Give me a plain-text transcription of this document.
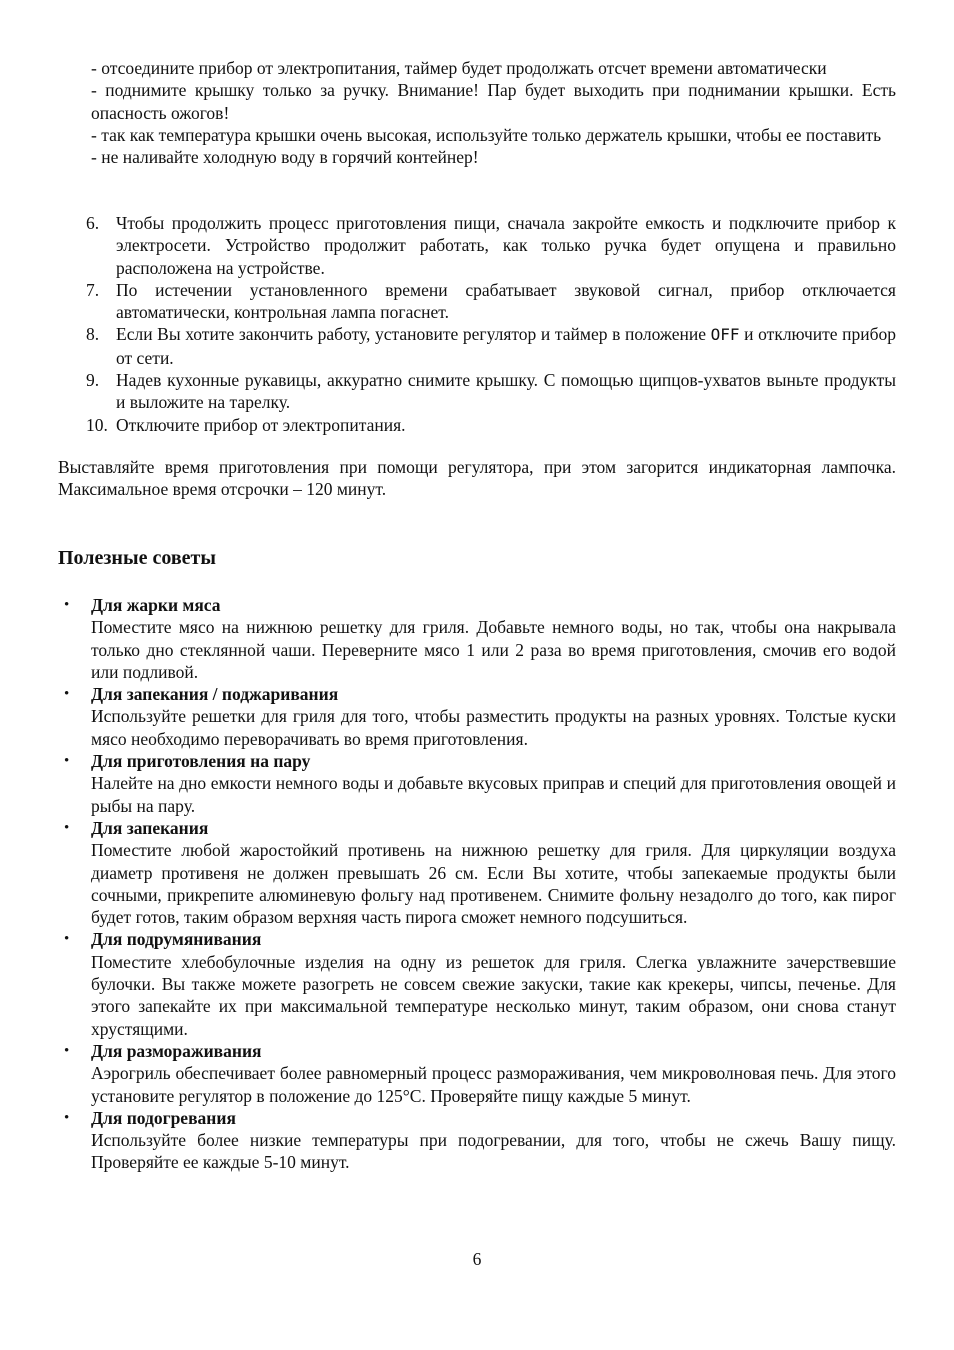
- отсоедините прибор от электропитания, таймер будет продолжать отсчет времени автоматически

- поднимите крышку только за ручку. Внимание! Пар будет выходить при поднимании крышки. Есть опасность ожогов!

- так как температура крышки очень высокая, используйте только держатель крышки, чтобы ее поставить

- не наливайте холодную воду в горячий контейнер!

6. Чтобы продолжить процесс приготовления пищи, сначала закройте емкость и подключите прибор к электросети. Устройство продолжит работать, как только ручка будет опущена и правильно расположена на устройстве.
7. По истечении установленного времени срабатывает звуковой сигнал, прибор отключается автоматически, контрольная лампа погаснет.
8. Если Вы хотите закончить работу, установите регулятор и таймер в положение OFF и отключите прибор от сети.
9. Надев кухонные рукавицы, аккуратно снимите крышку. С помощью щипцов-ухватов выньте продукты и выложите на тарелку.
10. Отключите прибор от электропитания.

Выставляйте время приготовления при помощи регулятора, при этом загорится индикаторная лампочка. Максимальное время отсрочки – 120 минут.

Полезные советы
• Для жарки мяса
Поместите мясо на нижнюю решетку для гриля. Добавьте немного воды, но так, чтобы она накрывала только дно стеклянной чаши. Переверните мясо 1 или 2 раза во время приготовления, смочив его водой или подливой.
• Для запекания / поджаривания
Используйте решетки для гриля для того, чтобы разместить продукты на разных уровнях. Толстые куски мясо необходимо переворачивать во время приготовления.
• Для приготовления на пару
Налейте на дно емкости немного воды и добавьте вкусовых приправ и специй для приготовления овощей и рыбы на пару.
• Для запекания
Поместите любой жаростойкий противень на нижнюю решетку для гриля. Для циркуляции воздуха диаметр противеня не должен превышать 26 см. Если Вы хотите, чтобы запекаемые продукты были сочными, прикрепите алюминевую фольгу над противенем. Снимите фольну незадолго до того, как пирог будет готов, таким образом верхняя часть пирога сможет немного подсушиться.
• Для подрумянивания
Поместите хлебобулочные изделия на одну из решеток для гриля. Слегка увлажните зачерствевшие булочки. Вы также можете разогреть не совсем свежие закуски, такие как крекеры, чипсы, печенье. Для этого запекайте их при максимальной температуре несколько минут, таким образом, они снова станут хрустящими.
• Для размораживания
Аэрогриль обеспечивает более равномерный процесс размораживания, чем микроволновая печь. Для этого установите регулятор в положение до 125°С. Проверяйте пищу каждые 5 минут.
• Для подогревания
Используйте более низкие температуры при подогревании, для того, чтобы не сжечь Вашу пищу. Проверяйте ее каждые 5-10 минут.
6
